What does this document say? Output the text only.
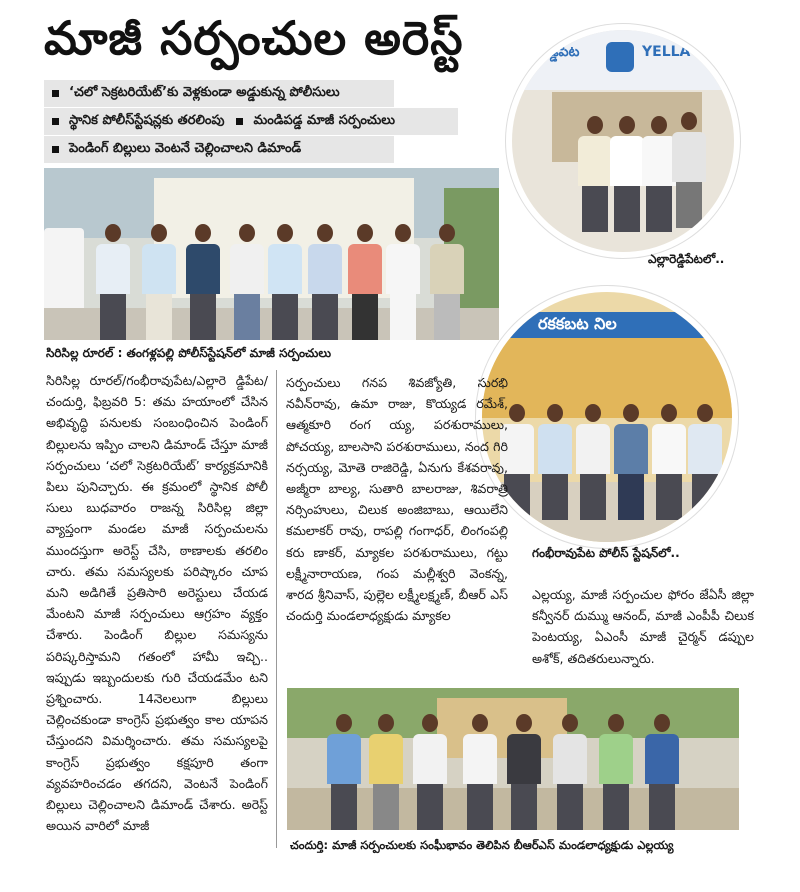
మాజీ సర్పంచుల అరెస్ట్
‘చలో సెక్రటరియేట్’కు వెళ్లకుండా అడ్డుకున్న పోలీసులు
స్థానిక పోలీస్‌స్టేషన్లకు తరలింపు మండిపడ్డ మాజీ సర్పంచులు
పెండింగ్ బిల్లులు వెంటనే చెల్లించాలని డిమాండ్
సిరిసిల్ల రూరల్‌ : తంగళ్లపల్లి పోలీస్‌స్టేషన్‌లో మాజీ సర్పంచులు
రెడ్డిపేట	YELLA
ఎల్లారెడ్డిపేటలో..
రకకబట నిల
గంభీరావుపేట పోలీస్‌ స్టేషన్‌లో..

సిరిసిల్ల రూరల్‌/గంభీరావుపేట/ఎల్లారె డ్డిపేట/చందుర్తి, ఫిబ్రవరి 5: తమ హయాంలో చేసిన అభివృద్ధి పనులకు సంబంధించిన పెండింగ్ బిల్లులను ఇప్పిం చాలని డిమాండ్ చేస్తూ మాజీ సర్పంచులు ‘చలో సెక్రటరియేట్’ కార్యక్రమానికి పిలు పునిచ్చారు. ఈ క్రమంలో స్థానిక పోలీ సులు బుధవారం రాజన్న సిరిసిల్ల జిల్లా వ్యాప్తంగా మండల మాజీ సర్పంచులను ముందస్తుగా అరెస్ట్ చేసి, ఠాణాలకు తరలిం చారు. తమ సమస్యలకు పరిష్కారం చూప మని అడిగితే ప్రతిసారి అరెస్టులు చేయడ మేంటని మాజీ సర్పంచులు ఆగ్రహం వ్యక్తం చేశారు. పెండింగ్ బిల్లుల సమస్యను పరిష్కరిస్తామని గతంలో హామీ ఇచ్చి.. ఇప్పుడు ఇబ్బందులకు గురి చేయడమేం టని ప్రశ్నించారు. 14నెలలుగా బిల్లులు చెల్లించకుండా కాంగ్రెస్ ప్రభుత్వం కాల యాపన చేస్తుందని విమర్శించారు. తమ సమస్యలపై కాంగ్రెస్ ప్రభుత్వం కక్షపూరి తంగా వ్యవహరించడం తగదని, వెంటనే పెండింగ్ బిల్లులు చెల్లించాలని డిమాండ్ చేశారు. అరెస్ట్ అయిన వారిలో మాజీ

సర్పంచులు గనప శివజ్యోతి, సురభి నవీన్‌రావు, ఉమా రాజు, కొయ్యడ రమేశ్, ఆత్మకూరి రంగ య్య, పరశురాములు, పోచయ్య, బాలసాని పరశురాములు, నంద గిరి నర్సయ్య, మోతె రాజిరెడ్డి, ఏనుగు కేశవరావు, అజ్మీరా బాల్య, సుతారి బాలరాజు, శివరాత్రి నర్సింహులు, చిలుక అంజిబాబు, ఆయిలేని కమలాకర్ రావు, రాపల్లి గంగాధర్, లింగంపల్లి కరు ణాకర్, మ్యాకల పరశురాములు, గట్టు లక్ష్మీనారాయణ, గంప మల్లీశ్వరి వెంకన్న, శారద శ్రీనివాస్, పుల్లెల లక్ష్మీలక్ష్మణ్, బీఆర్ ఎస్ చందుర్తి మండలాధ్యక్షుడు మ్యాకల

ఎల్లయ్య, మాజీ సర్పంచుల ఫోరం జేఏసీ జిల్లా కన్వీనర్ దుమ్ము ఆనంద్, మాజీ ఎంపీపీ చిలుక పెంటయ్య, ఏఎంసీ మాజీ చైర్మన్ డప్పుల అశోక్, తదితరులున్నారు.

చందుర్తి: మాజీ సర్పంచులకు సంఘీభావం తెలిపిన బీఆర్‌ఎస్‌ మండలాధ్యక్షుడు ఎల్లయ్య
